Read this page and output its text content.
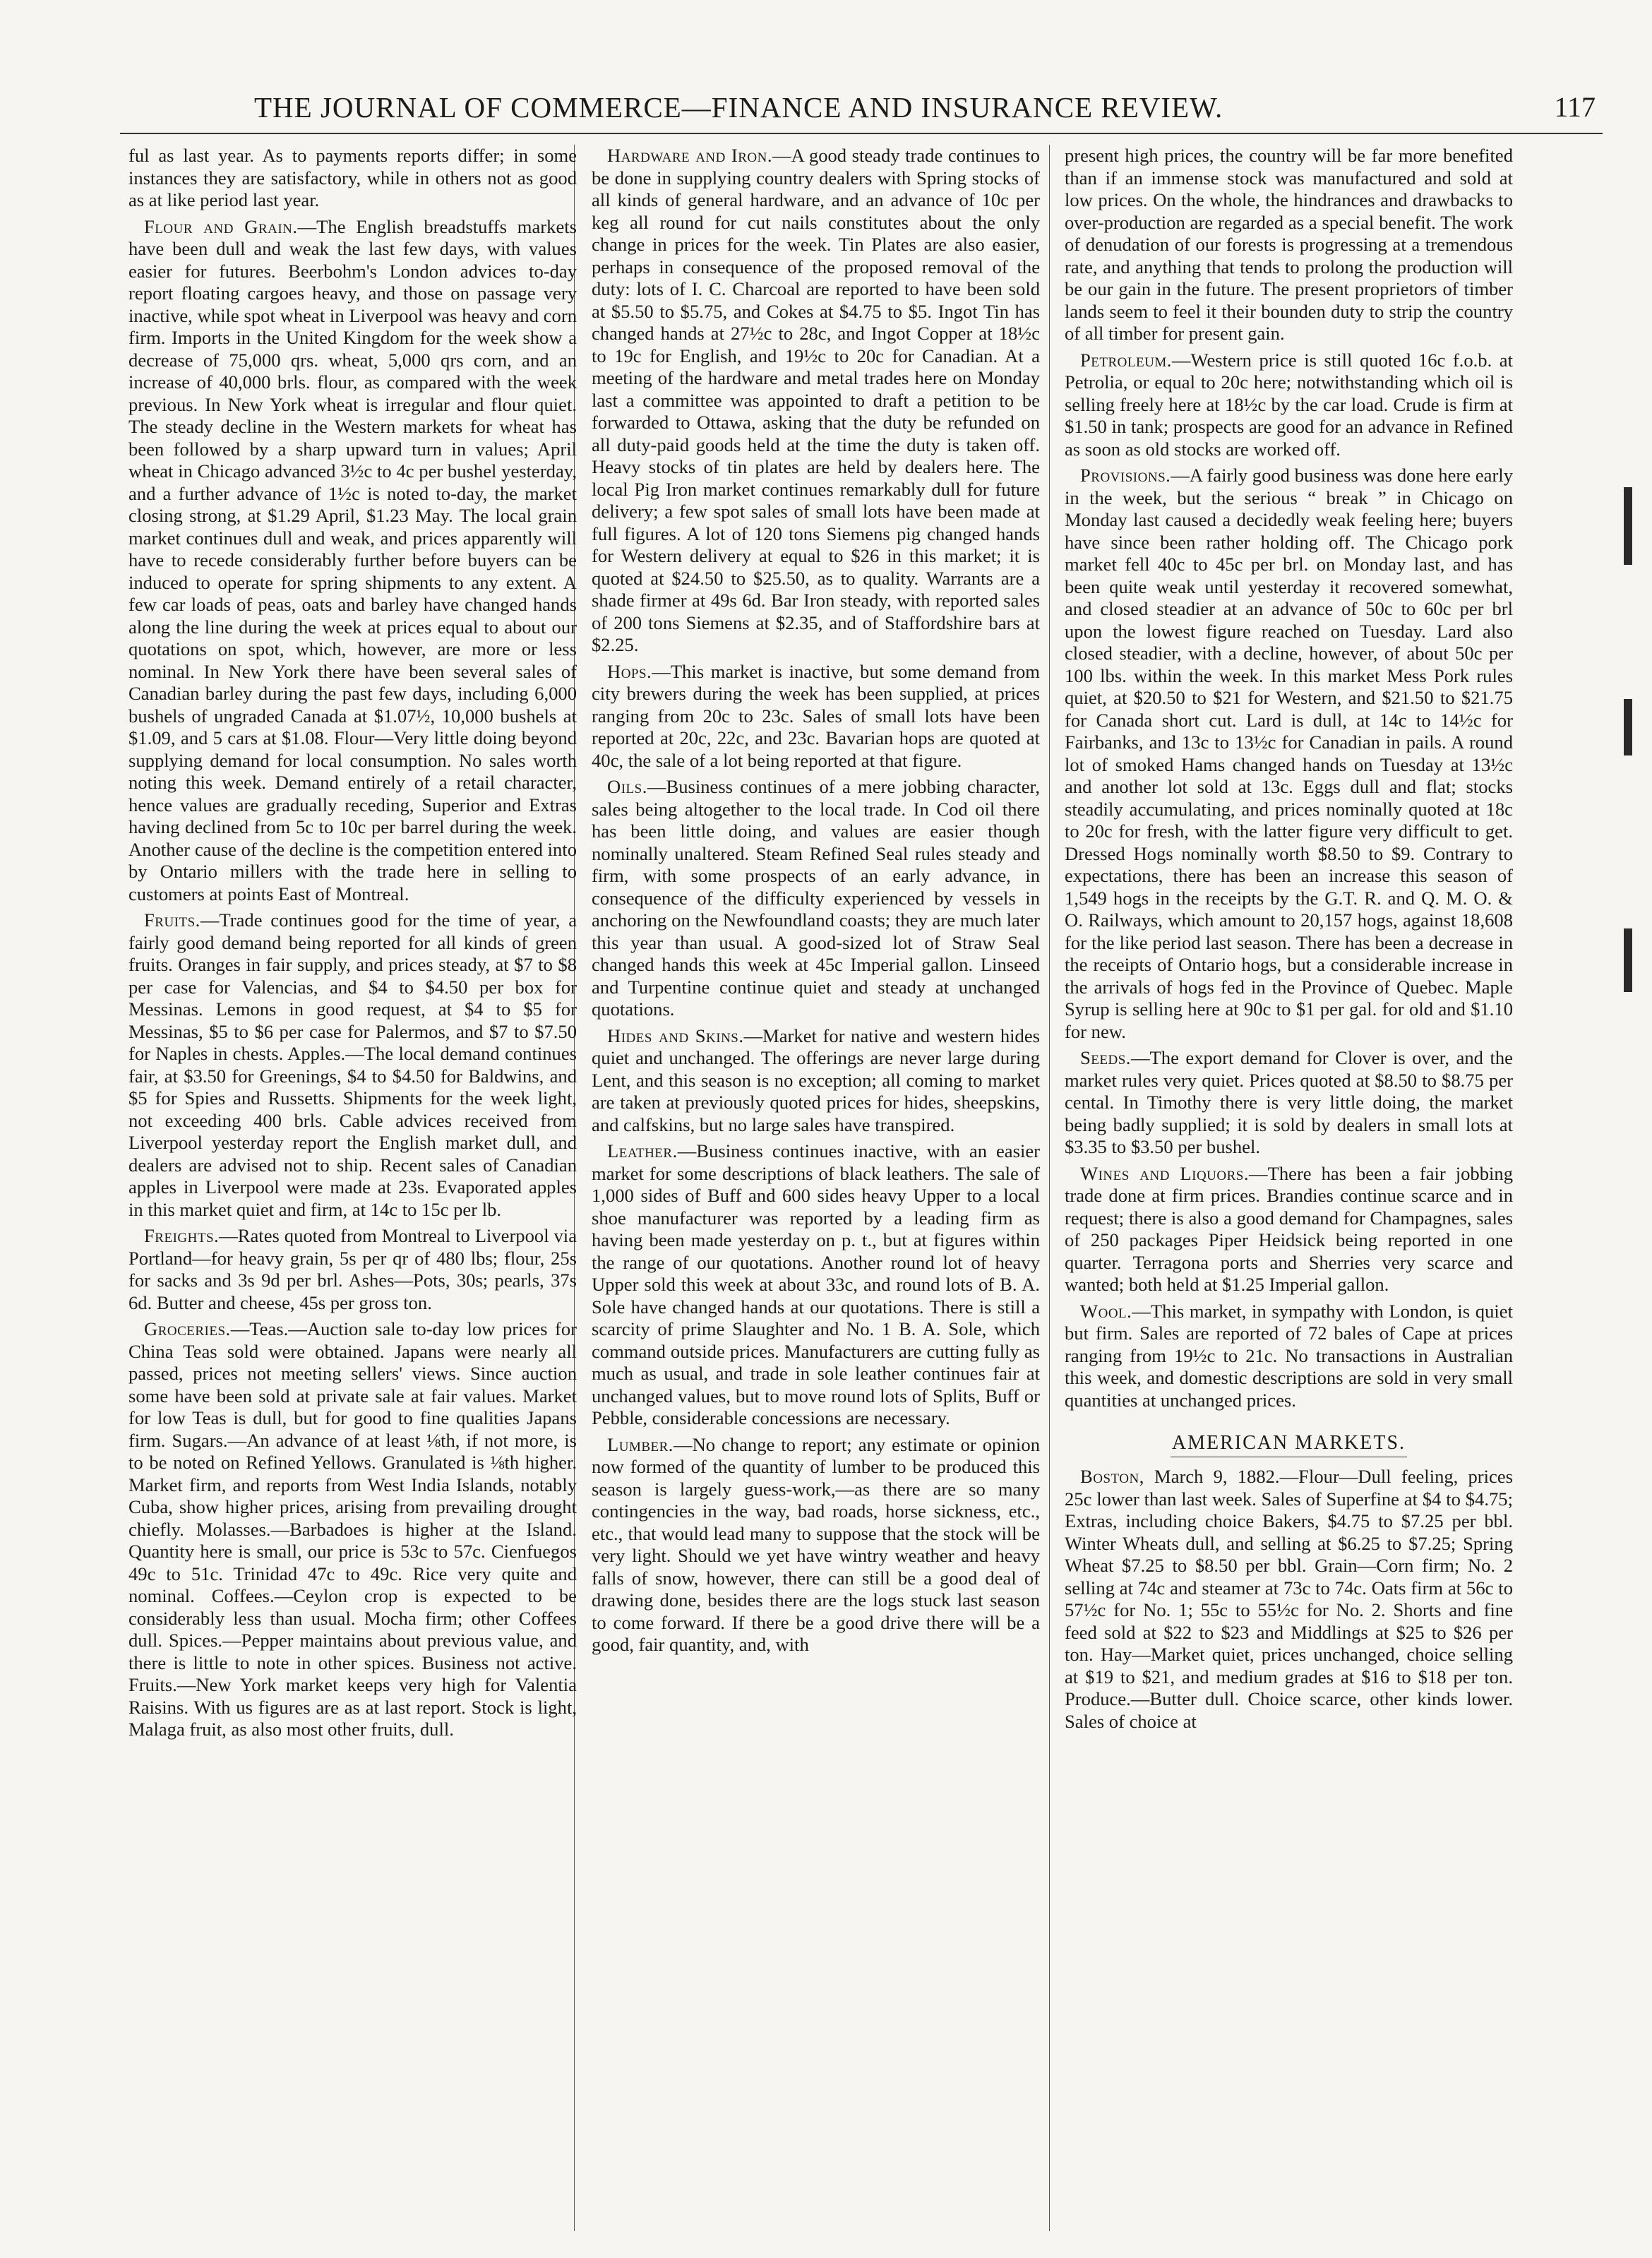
THE JOURNAL OF COMMERCE—FINANCE AND INSURANCE REVIEW.	117

ful as last year. As to payments reports differ; in some instances they are satisfactory, while in others not as good as at like period last year.

Flour and Grain.—The English breadstuffs markets have been dull and weak the last few days, with values easier for futures. Beerbohm's London advices to-day report floating cargoes heavy, and those on passage very inactive, while spot wheat in Liverpool was heavy and corn firm. Imports in the United Kingdom for the week show a decrease of 75,000 qrs. wheat, 5,000 qrs corn, and an increase of 40,000 brls. flour, as compared with the week previous. In New York wheat is irregular and flour quiet. The steady decline in the Western markets for wheat has been followed by a sharp upward turn in values; April wheat in Chicago advanced 3½c to 4c per bushel yesterday, and a further advance of 1½c is noted to-day, the market closing strong, at $1.29 April, $1.23 May. The local grain market continues dull and weak, and prices apparently will have to recede considerably further before buyers can be induced to operate for spring shipments to any extent. A few car loads of peas, oats and barley have changed hands along the line during the week at prices equal to about our quotations on spot, which, however, are more or less nominal. In New York there have been several sales of Canadian barley during the past few days, including 6,000 bushels of ungraded Canada at $1.07½, 10,000 bushels at $1.09, and 5 cars at $1.08. Flour—Very little doing beyond supplying demand for local consumption. No sales worth noting this week. Demand entirely of a retail character, hence values are gradually receding, Superior and Extras having declined from 5c to 10c per barrel during the week. Another cause of the decline is the competition entered into by Ontario millers with the trade here in selling to customers at points East of Montreal.

Fruits.—Trade continues good for the time of year, a fairly good demand being reported for all kinds of green fruits. Oranges in fair supply, and prices steady, at $7 to $8 per case for Valencias, and $4 to $4.50 per box for Messinas. Lemons in good request, at $4 to $5 for Messinas, $5 to $6 per case for Palermos, and $7 to $7.50 for Naples in chests. Apples.—The local demand continues fair, at $3.50 for Greenings, $4 to $4.50 for Baldwins, and $5 for Spies and Russetts. Shipments for the week light, not exceeding 400 brls. Cable advices received from Liverpool yesterday report the English market dull, and dealers are advised not to ship. Recent sales of Canadian apples in Liverpool were made at 23s. Evaporated apples in this market quiet and firm, at 14c to 15c per lb.

Freights.—Rates quoted from Montreal to Liverpool via Portland—for heavy grain, 5s per qr of 480 lbs; flour, 25s for sacks and 3s 9d per brl. Ashes—Pots, 30s; pearls, 37s 6d. Butter and cheese, 45s per gross ton.

Groceries.—Teas.—Auction sale to-day low prices for China Teas sold were obtained. Japans were nearly all passed, prices not meeting sellers' views. Since auction some have been sold at private sale at fair values. Market for low Teas is dull, but for good to fine qualities Japans firm. Sugars.—An advance of at least ⅛th, if not more, is to be noted on Refined Yellows. Granulated is ⅛th higher. Market firm, and reports from West India Islands, notably Cuba, show higher prices, arising from prevailing drought chiefly. Molasses.—Barbadoes is higher at the Island. Quantity here is small, our price is 53c to 57c. Cienfuegos 49c to 51c. Trinidad 47c to 49c. Rice very quite and nominal. Coffees.—Ceylon crop is expected to be considerably less than usual. Mocha firm; other Coffees dull. Spices.—Pepper maintains about previous value, and there is little to note in other spices. Business not active. Fruits.—New York market keeps very high for Valentia Raisins. With us figures are as at last report. Stock is light, Malaga fruit, as also most other fruits, dull.

Hardware and Iron.—A good steady trade continues to be done in supplying country dealers with Spring stocks of all kinds of general hardware, and an advance of 10c per keg all round for cut nails constitutes about the only change in prices for the week. Tin Plates are also easier, perhaps in consequence of the proposed removal of the duty: lots of I. C. Charcoal are reported to have been sold at $5.50 to $5.75, and Cokes at $4.75 to $5. Ingot Tin has changed hands at 27½c to 28c, and Ingot Copper at 18½c to 19c for English, and 19½c to 20c for Canadian. At a meeting of the hardware and metal trades here on Monday last a committee was appointed to draft a petition to be forwarded to Ottawa, asking that the duty be refunded on all duty-paid goods held at the time the duty is taken off. Heavy stocks of tin plates are held by dealers here. The local Pig Iron market continues remarkably dull for future delivery; a few spot sales of small lots have been made at full figures. A lot of 120 tons Siemens pig changed hands for Western delivery at equal to $26 in this market; it is quoted at $24.50 to $25.50, as to quality. Warrants are a shade firmer at 49s 6d. Bar Iron steady, with reported sales of 200 tons Siemens at $2.35, and of Staffordshire bars at $2.25.

Hops.—This market is inactive, but some demand from city brewers during the week has been supplied, at prices ranging from 20c to 23c. Sales of small lots have been reported at 20c, 22c, and 23c. Bavarian hops are quoted at 40c, the sale of a lot being reported at that figure.

Oils.—Business continues of a mere jobbing character, sales being altogether to the local trade. In Cod oil there has been little doing, and values are easier though nominally unaltered. Steam Refined Seal rules steady and firm, with some prospects of an early advance, in consequence of the difficulty experienced by vessels in anchoring on the Newfoundland coasts; they are much later this year than usual. A good-sized lot of Straw Seal changed hands this week at 45c Imperial gallon. Linseed and Turpentine continue quiet and steady at unchanged quotations.

Hides and Skins.—Market for native and western hides quiet and unchanged. The offerings are never large during Lent, and this season is no exception; all coming to market are taken at previously quoted prices for hides, sheepskins, and calfskins, but no large sales have transpired.

Leather.—Business continues inactive, with an easier market for some descriptions of black leathers. The sale of 1,000 sides of Buff and 600 sides heavy Upper to a local shoe manufacturer was reported by a leading firm as having been made yesterday on p. t., but at figures within the range of our quotations. Another round lot of heavy Upper sold this week at about 33c, and round lots of B. A. Sole have changed hands at our quotations. There is still a scarcity of prime Slaughter and No. 1 B. A. Sole, which command outside prices. Manufacturers are cutting fully as much as usual, and trade in sole leather continues fair at unchanged values, but to move round lots of Splits, Buff or Pebble, considerable concessions are necessary.

Lumber.—No change to report; any estimate or opinion now formed of the quantity of lumber to be produced this season is largely guess-work,—as there are so many contingencies in the way, bad roads, horse sickness, etc., etc., that would lead many to suppose that the stock will be very light. Should we yet have wintry weather and heavy falls of snow, however, there can still be a good deal of drawing done, besides there are the logs stuck last season to come forward. If there be a good drive there will be a good, fair quantity, and, with

present high prices, the country will be far more benefited than if an immense stock was manufactured and sold at low prices. On the whole, the hindrances and drawbacks to over-production are regarded as a special benefit. The work of denudation of our forests is progressing at a tremendous rate, and anything that tends to prolong the production will be our gain in the future. The present proprietors of timber lands seem to feel it their bounden duty to strip the country of all timber for present gain.

Petroleum.—Western price is still quoted 16c f.o.b. at Petrolia, or equal to 20c here; notwithstanding which oil is selling freely here at 18½c by the car load. Crude is firm at $1.50 in tank; prospects are good for an advance in Refined as soon as old stocks are worked off.

Provisions.—A fairly good business was done here early in the week, but the serious “ break ” in Chicago on Monday last caused a decidedly weak feeling here; buyers have since been rather holding off. The Chicago pork market fell 40c to 45c per brl. on Monday last, and has been quite weak until yesterday it recovered somewhat, and closed steadier at an advance of 50c to 60c per brl upon the lowest figure reached on Tuesday. Lard also closed steadier, with a decline, however, of about 50c per 100 lbs. within the week. In this market Mess Pork rules quiet, at $20.50 to $21 for Western, and $21.50 to $21.75 for Canada short cut. Lard is dull, at 14c to 14½c for Fairbanks, and 13c to 13½c for Canadian in pails. A round lot of smoked Hams changed hands on Tuesday at 13½c and another lot sold at 13c. Eggs dull and flat; stocks steadily accumulating, and prices nominally quoted at 18c to 20c for fresh, with the latter figure very difficult to get. Dressed Hogs nominally worth $8.50 to $9. Contrary to expectations, there has been an increase this season of 1,549 hogs in the receipts by the G.T. R. and Q. M. O. & O. Railways, which amount to 20,157 hogs, against 18,608 for the like period last season. There has been a decrease in the receipts of Ontario hogs, but a considerable increase in the arrivals of hogs fed in the Province of Quebec. Maple Syrup is selling here at 90c to $1 per gal. for old and $1.10 for new.

Seeds.—The export demand for Clover is over, and the market rules very quiet. Prices quoted at $8.50 to $8.75 per cental. In Timothy there is very little doing, the market being badly supplied; it is sold by dealers in small lots at $3.35 to $3.50 per bushel.

Wines and Liquors.—There has been a fair jobbing trade done at firm prices. Brandies continue scarce and in request; there is also a good demand for Champagnes, sales of 250 packages Piper Heidsick being reported in one quarter. Terragona ports and Sherries very scarce and wanted; both held at $1.25 Imperial gallon.

Wool.—This market, in sympathy with London, is quiet but firm. Sales are reported of 72 bales of Cape at prices ranging from 19½c to 21c. No transactions in Australian this week, and domestic descriptions are sold in very small quantities at unchanged prices.

AMERICAN MARKETS.

Boston, March 9, 1882.—Flour—Dull feeling, prices 25c lower than last week. Sales of Superfine at $4 to $4.75; Extras, including choice Bakers, $4.75 to $7.25 per bbl. Winter Wheats dull, and selling at $6.25 to $7.25; Spring Wheat $7.25 to $8.50 per bbl. Grain—Corn firm; No. 2 selling at 74c and steamer at 73c to 74c. Oats firm at 56c to 57½c for No. 1; 55c to 55½c for No. 2. Shorts and fine feed sold at $22 to $23 and Middlings at $25 to $26 per ton. Hay—Market quiet, prices unchanged, choice selling at $19 to $21, and medium grades at $16 to $18 per ton. Produce.—Butter dull. Choice scarce, other kinds lower. Sales of choice at
